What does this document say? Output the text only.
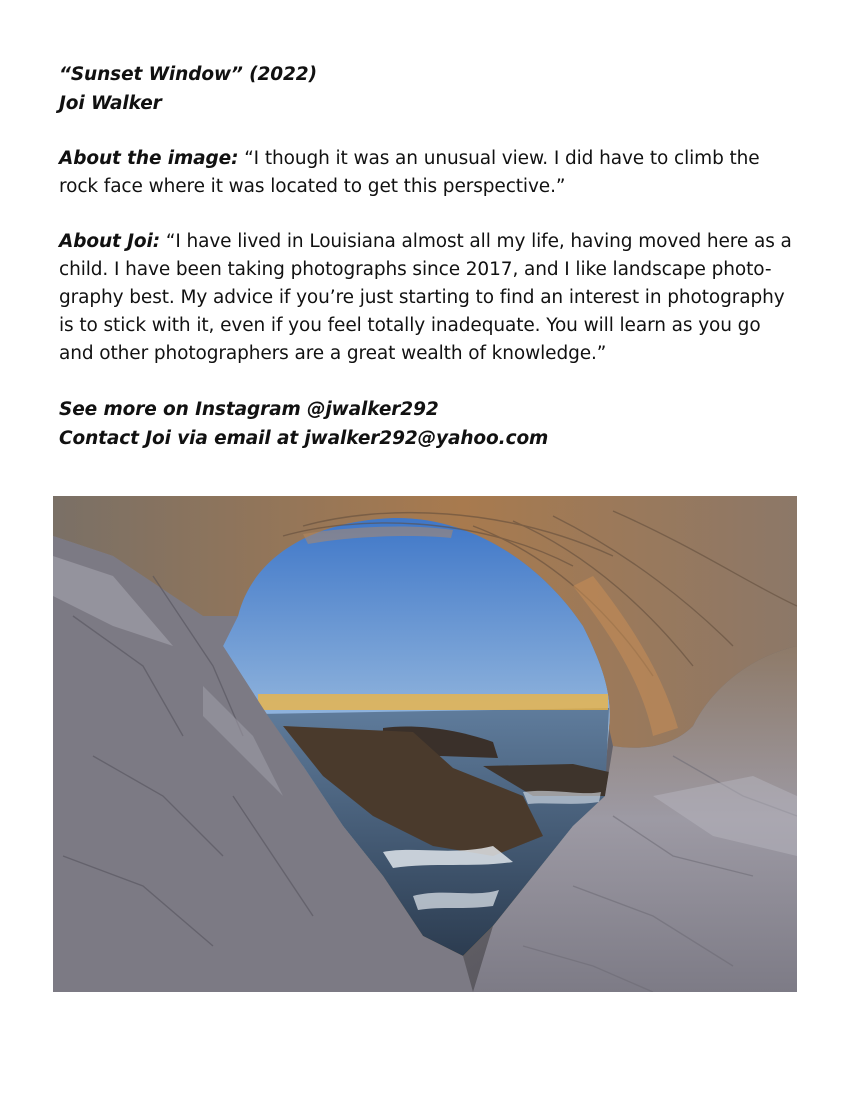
“Sunset Window” (2022)

Joi Walker

About the image: “I though it was an unusual view. I did have to climb the rock face where it was located to get this perspective.”

About Joi: “I have lived in Louisiana almost all my life, having moved here as a child. I have been taking photographs since 2017, and I like landscape photo- graphy best. My advice if you’re just starting to find an interest in photography is to stick with it, even if you feel totally inadequate. You will learn as you go and other photographers are a great wealth of knowledge.”

See more on Instagram @jwalker292

Contact Joi via email at jwalker292@yahoo.com
